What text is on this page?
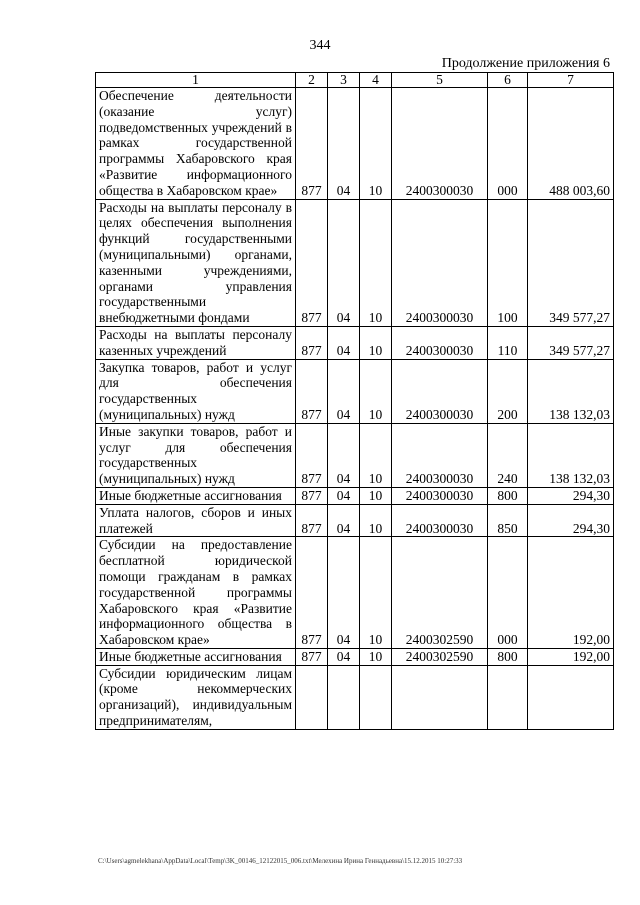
344
Продолжение приложения 6
1	2	3	4	5	6	7
Обеспечение деятельности (оказание услуг) подведомственных учреждений в рамках государственной программы Хабаровского края «Развитие информационного общества в Хабаровском крае»	877	04	10	2400300030	000	488 003,60
Расходы на выплаты персоналу в целях обеспечения выполнения функций государственными (муниципальными) органами, казенными учреждениями, органами управления государственными внебюджетными фондами	877	04	10	2400300030	100	349 577,27
Расходы на выплаты персоналу казенных учреждений	877	04	10	2400300030	110	349 577,27
Закупка товаров, работ и услуг для обеспечения государственных (муниципальных) нужд	877	04	10	2400300030	200	138 132,03
Иные закупки товаров, работ и услуг для обеспечения государственных (муниципальных) нужд	877	04	10	2400300030	240	138 132,03
Иные бюджетные ассигнования	877	04	10	2400300030	800	294,30
Уплата налогов, сборов и иных платежей	877	04	10	2400300030	850	294,30
Субсидии на предоставление бесплатной юридической помощи гражданам в рамках государственной программы Хабаровского края «Развитие информационного общества в Хабаровском крае»	877	04	10	2400302590	000	192,00
Иные бюджетные ассигнования	877	04	10	2400302590	800	192,00
Субсидии юридическим лицам (кроме некоммерческих организаций), индивидуальным предпринимателям,						
C:\Users\agmelekhana\AppData\Local\Temp\3K_00146_12122015_006.txt\Мелехина Ирина Геннадьевна\15.12.2015 10:27:33
